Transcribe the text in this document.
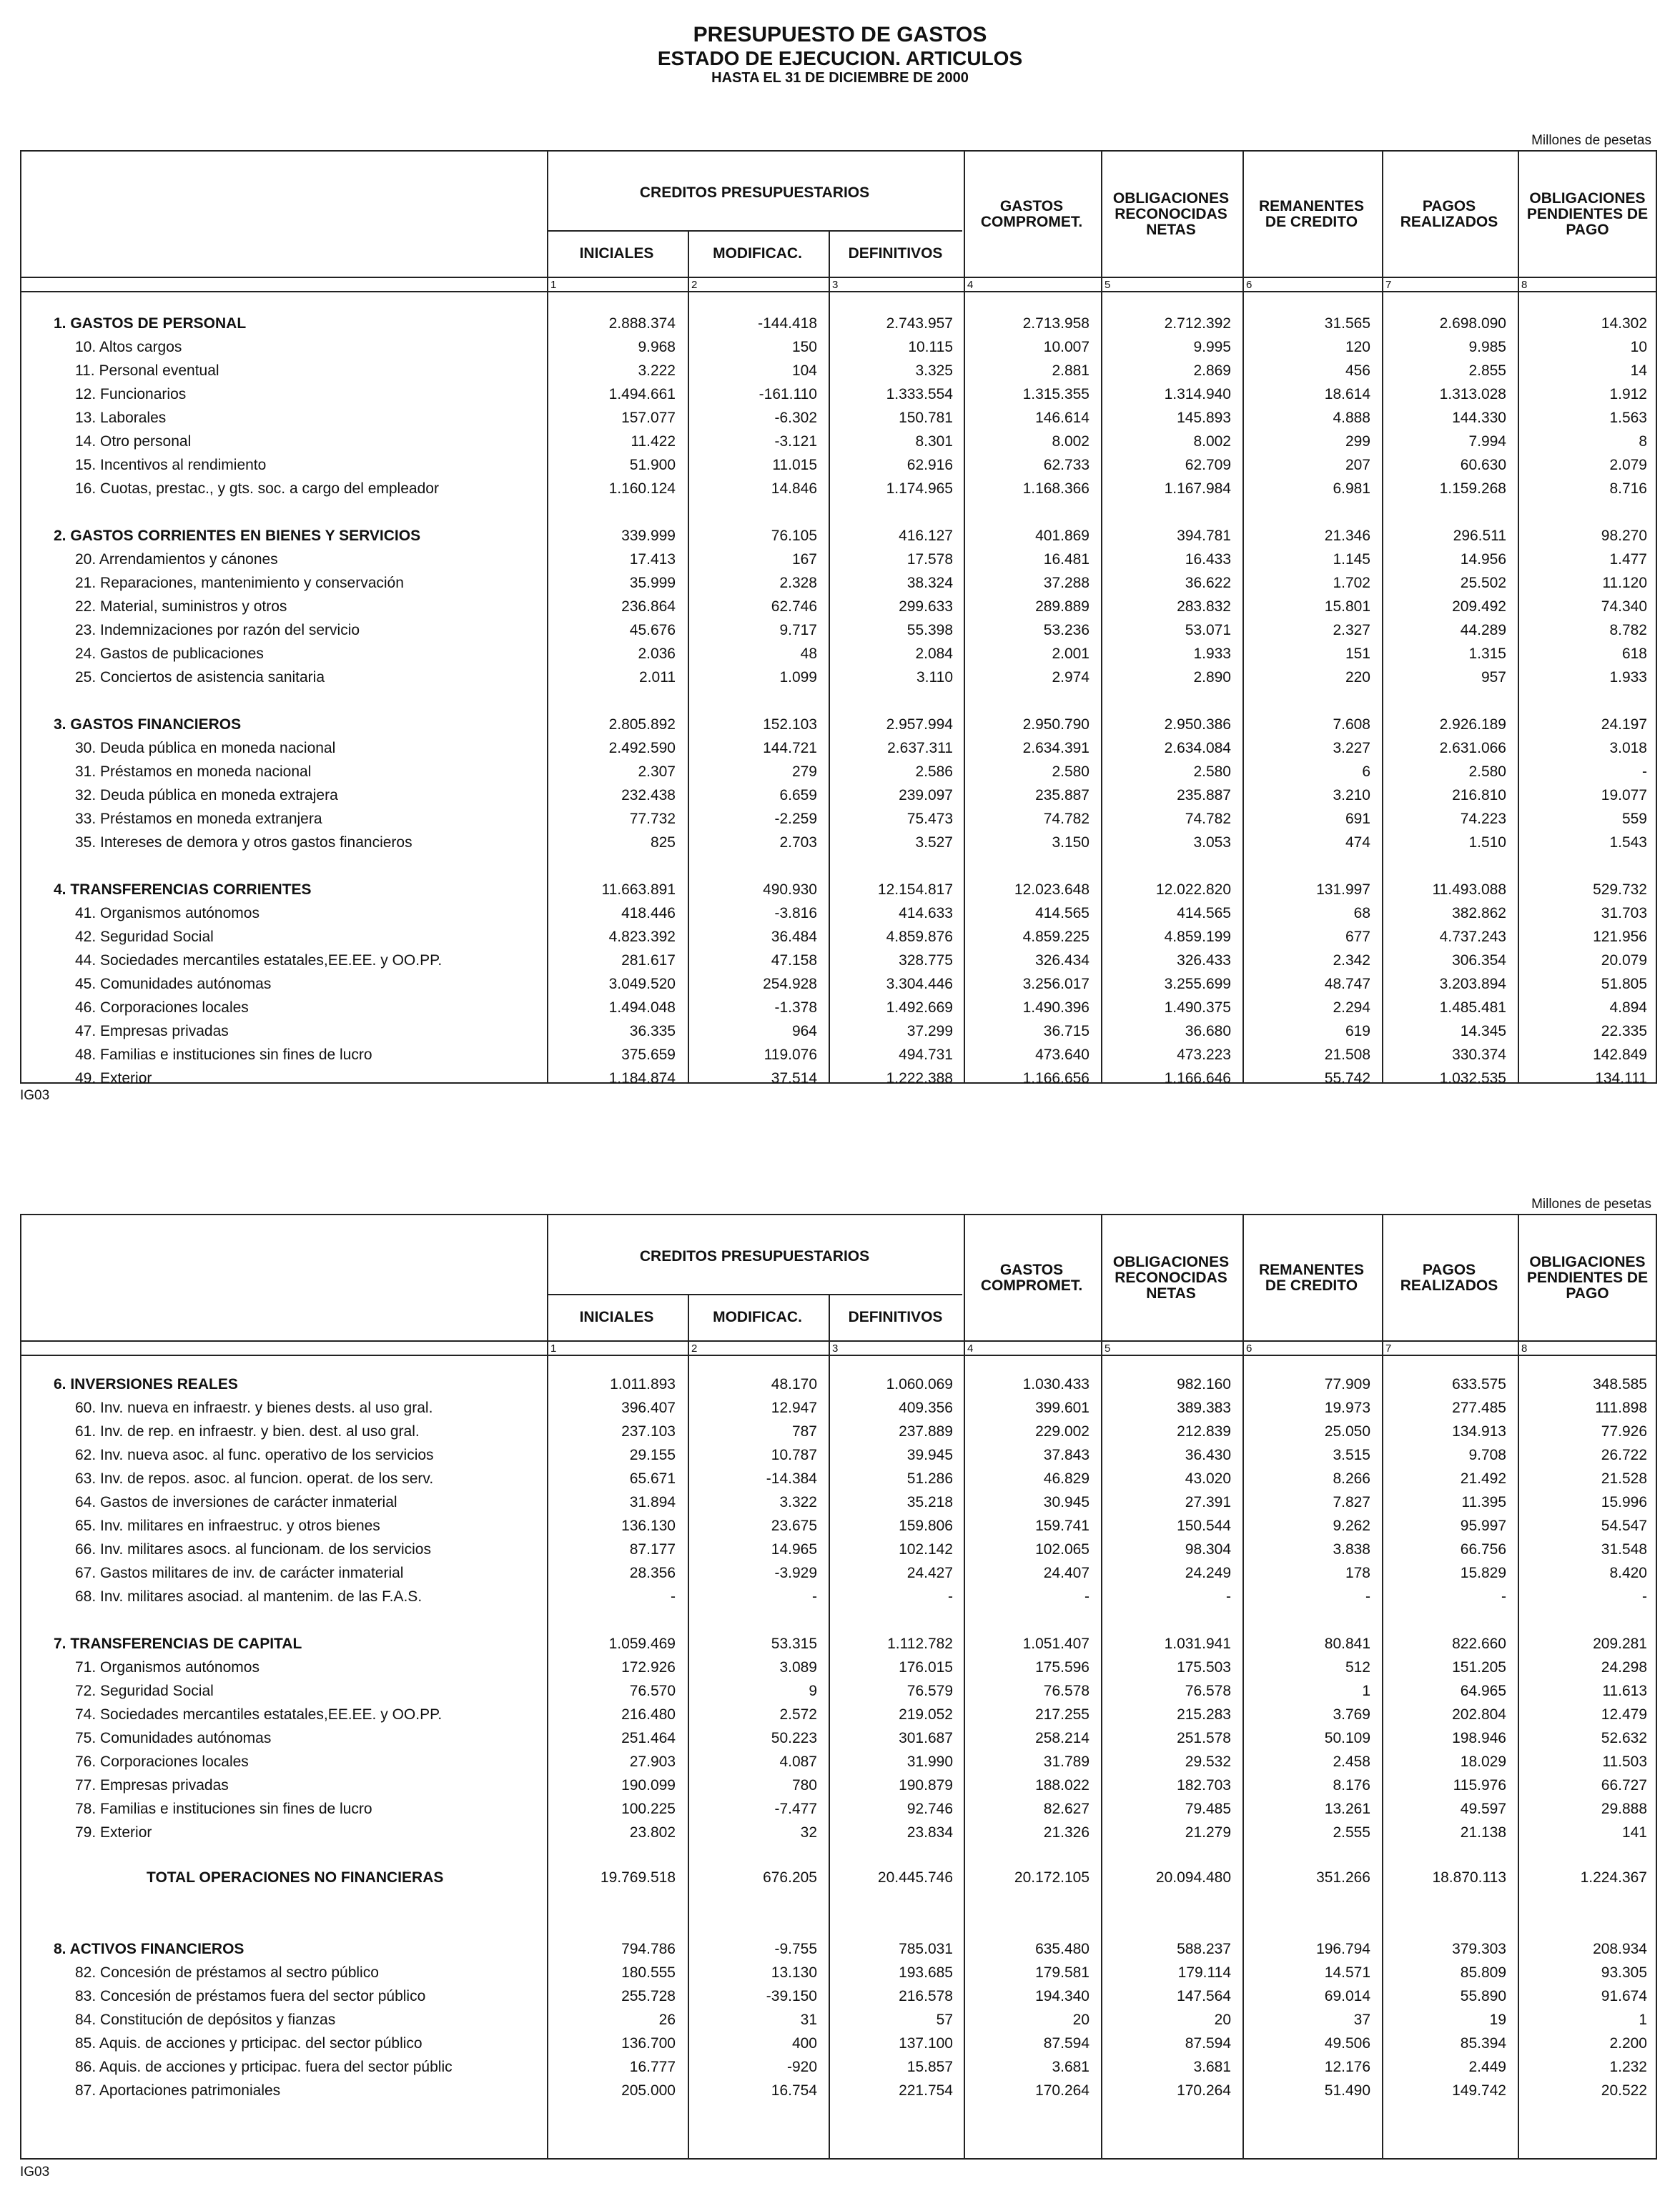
PRESUPUESTO DE GASTOS
ESTADO DE EJECUCION. ARTICULOS
HASTA EL 31 DE DICIEMBRE DE 2000
Millones de pesetas
CREDITOS PRESUPUESTARIOS
INICIALES	MODIFICAC.	DEFINITIVOS
GASTOS
COMPROMET.
OBLIGACIONES
RECONOCIDAS
NETAS
REMANENTES
DE CREDITO
PAGOS
REALIZADOS
OBLIGACIONES
PENDIENTES DE
PAGO
1	2	3	4	5	6	7	8
1. GASTOS DE PERSONAL	2.888.374	-144.418	2.743.957	2.713.958	2.712.392	31.565	2.698.090	14.302
10. Altos cargos	9.968	150	10.115	10.007	9.995	120	9.985	10
11. Personal eventual	3.222	104	3.325	2.881	2.869	456	2.855	14
12. Funcionarios	1.494.661	-161.110	1.333.554	1.315.355	1.314.940	18.614	1.313.028	1.912
13. Laborales	157.077	-6.302	150.781	146.614	145.893	4.888	144.330	1.563
14. Otro personal	11.422	-3.121	8.301	8.002	8.002	299	7.994	8
15. Incentivos al rendimiento	51.900	11.015	62.916	62.733	62.709	207	60.630	2.079
16. Cuotas, prestac., y gts. soc. a cargo del empleador	1.160.124	14.846	1.174.965	1.168.366	1.167.984	6.981	1.159.268	8.716
2. GASTOS CORRIENTES EN BIENES Y SERVICIOS	339.999	76.105	416.127	401.869	394.781	21.346	296.511	98.270
20. Arrendamientos y cánones	17.413	167	17.578	16.481	16.433	1.145	14.956	1.477
21. Reparaciones, mantenimiento y conservación	35.999	2.328	38.324	37.288	36.622	1.702	25.502	11.120
22. Material, suministros y otros	236.864	62.746	299.633	289.889	283.832	15.801	209.492	74.340
23. Indemnizaciones por razón del servicio	45.676	9.717	55.398	53.236	53.071	2.327	44.289	8.782
24. Gastos de publicaciones	2.036	48	2.084	2.001	1.933	151	1.315	618
25. Conciertos de asistencia sanitaria	2.011	1.099	3.110	2.974	2.890	220	957	1.933
3. GASTOS FINANCIEROS	2.805.892	152.103	2.957.994	2.950.790	2.950.386	7.608	2.926.189	24.197
30. Deuda pública en moneda nacional	2.492.590	144.721	2.637.311	2.634.391	2.634.084	3.227	2.631.066	3.018
31. Préstamos en moneda nacional	2.307	279	2.586	2.580	2.580	6	2.580	-
32. Deuda pública en moneda extrajera	232.438	6.659	239.097	235.887	235.887	3.210	216.810	19.077
33. Préstamos en moneda extranjera	77.732	-2.259	75.473	74.782	74.782	691	74.223	559
35. Intereses de demora y otros gastos financieros	825	2.703	3.527	3.150	3.053	474	1.510	1.543
4. TRANSFERENCIAS CORRIENTES	11.663.891	490.930	12.154.817	12.023.648	12.022.820	131.997	11.493.088	529.732
41. Organismos autónomos	418.446	-3.816	414.633	414.565	414.565	68	382.862	31.703
42. Seguridad Social	4.823.392	36.484	4.859.876	4.859.225	4.859.199	677	4.737.243	121.956
44. Sociedades mercantiles estatales,EE.EE. y OO.PP.	281.617	47.158	328.775	326.434	326.433	2.342	306.354	20.079
45. Comunidades autónomas	3.049.520	254.928	3.304.446	3.256.017	3.255.699	48.747	3.203.894	51.805
46. Corporaciones locales	1.494.048	-1.378	1.492.669	1.490.396	1.490.375	2.294	1.485.481	4.894
47. Empresas privadas	36.335	964	37.299	36.715	36.680	619	14.345	22.335
48. Familias e instituciones sin fines de lucro	375.659	119.076	494.731	473.640	473.223	21.508	330.374	142.849
49. Exterior	1.184.874	37.514	1.222.388	1.166.656	1.166.646	55.742	1.032.535	134.111
IG03
Millones de pesetas
CREDITOS PRESUPUESTARIOS
INICIALES	MODIFICAC.	DEFINITIVOS
GASTOS
COMPROMET.
OBLIGACIONES
RECONOCIDAS
NETAS
REMANENTES
DE CREDITO
PAGOS
REALIZADOS
OBLIGACIONES
PENDIENTES DE
PAGO
1	2	3	4	5	6	7	8
6. INVERSIONES REALES	1.011.893	48.170	1.060.069	1.030.433	982.160	77.909	633.575	348.585
60. Inv. nueva en infraestr. y bienes dests. al uso gral.	396.407	12.947	409.356	399.601	389.383	19.973	277.485	111.898
61. Inv. de rep. en infraestr. y bien. dest. al uso gral.	237.103	787	237.889	229.002	212.839	25.050	134.913	77.926
62. Inv. nueva asoc. al func. operativo de los servicios	29.155	10.787	39.945	37.843	36.430	3.515	9.708	26.722
63. Inv. de repos. asoc. al funcion. operat. de los serv.	65.671	-14.384	51.286	46.829	43.020	8.266	21.492	21.528
64. Gastos de inversiones de carácter inmaterial	31.894	3.322	35.218	30.945	27.391	7.827	11.395	15.996
65. Inv. militares en infraestruc. y otros bienes	136.130	23.675	159.806	159.741	150.544	9.262	95.997	54.547
66. Inv. militares asocs. al funcionam. de los servicios	87.177	14.965	102.142	102.065	98.304	3.838	66.756	31.548
67. Gastos militares de inv. de carácter inmaterial	28.356	-3.929	24.427	24.407	24.249	178	15.829	8.420
68. Inv. militares asociad. al mantenim. de las F.A.S.	-	-	-	-	-	-	-	-
7. TRANSFERENCIAS DE CAPITAL	1.059.469	53.315	1.112.782	1.051.407	1.031.941	80.841	822.660	209.281
71. Organismos autónomos	172.926	3.089	176.015	175.596	175.503	512	151.205	24.298
72. Seguridad Social	76.570	9	76.579	76.578	76.578	1	64.965	11.613
74. Sociedades mercantiles estatales,EE.EE. y OO.PP.	216.480	2.572	219.052	217.255	215.283	3.769	202.804	12.479
75. Comunidades autónomas	251.464	50.223	301.687	258.214	251.578	50.109	198.946	52.632
76. Corporaciones locales	27.903	4.087	31.990	31.789	29.532	2.458	18.029	11.503
77. Empresas privadas	190.099	780	190.879	188.022	182.703	8.176	115.976	66.727
78. Familias e instituciones sin fines de lucro	100.225	-7.477	92.746	82.627	79.485	13.261	49.597	29.888
79. Exterior	23.802	32	23.834	21.326	21.279	2.555	21.138	141
TOTAL OPERACIONES NO FINANCIERAS	19.769.518	676.205	20.445.746	20.172.105	20.094.480	351.266	18.870.113	1.224.367
8. ACTIVOS FINANCIEROS	794.786	-9.755	785.031	635.480	588.237	196.794	379.303	208.934
82. Concesión de préstamos al sectro público	180.555	13.130	193.685	179.581	179.114	14.571	85.809	93.305
83. Concesión de préstamos fuera del sector público	255.728	-39.150	216.578	194.340	147.564	69.014	55.890	91.674
84. Constitución de depósitos y fianzas	26	31	57	20	20	37	19	1
85. Aquis. de acciones y prticipac. del sector público	136.700	400	137.100	87.594	87.594	49.506	85.394	2.200
86. Aquis. de acciones y prticipac. fuera del sector públic	16.777	-920	15.857	3.681	3.681	12.176	2.449	1.232
87. Aportaciones patrimoniales	205.000	16.754	221.754	170.264	170.264	51.490	149.742	20.522
IG03
